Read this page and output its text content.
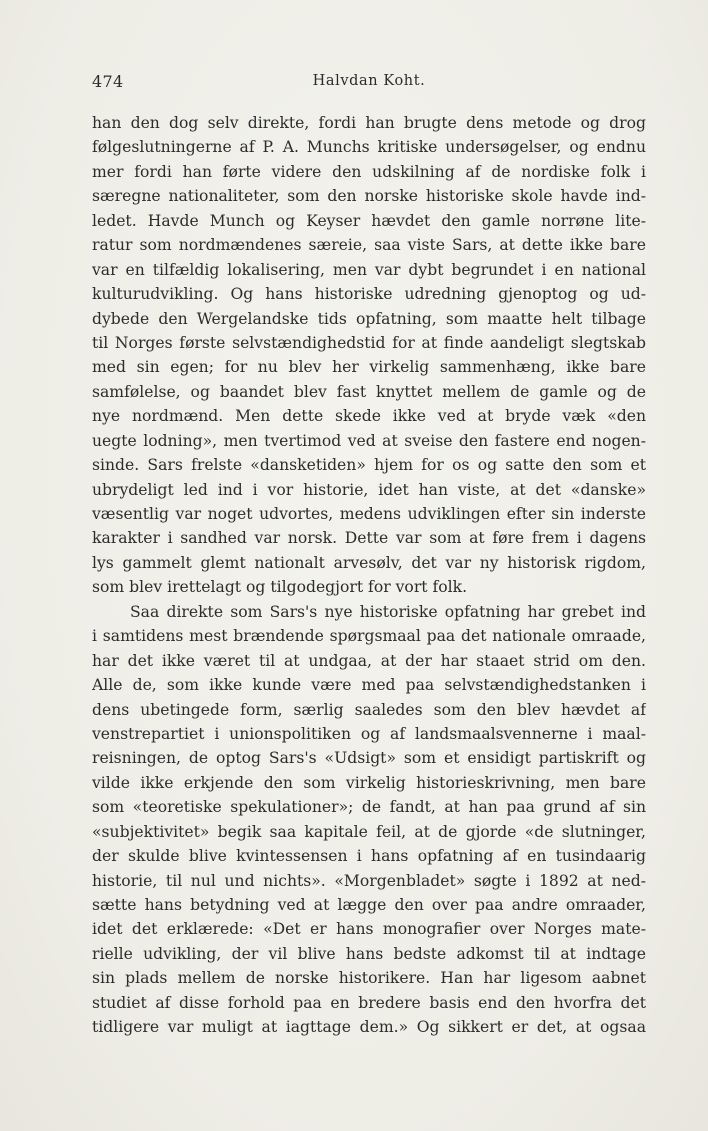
474	Halvdan Koht.
han den dog selv direkte, fordi han brugte dens metode og drog
følgeslutningerne af P. A. Munchs kritiske undersøgelser, og endnu
mer fordi han førte videre den udskilning af de nordiske folk i
særegne nationaliteter, som den norske historiske skole havde ind-
ledet. Havde Munch og Keyser hævdet den gamle norrøne lite-
ratur som nordmændenes særeie, saa viste Sars, at dette ikke bare
var en tilfældig lokalisering, men var dybt begrundet i en national
kulturudvikling. Og hans historiske udredning gjenoptog og ud-
dybede den Wergelandske tids opfatning, som maatte helt tilbage
til Norges første selvstændighedstid for at finde aandeligt slegtskab
med sin egen; for nu blev her virkelig sammenhæng, ikke bare
samfølelse, og baandet blev fast knyttet mellem de gamle og de
nye nordmænd. Men dette skede ikke ved at bryde væk «den
uegte lodning», men tvertimod ved at sveise den fastere end nogen-
sinde. Sars frelste «dansketiden» hjem for os og satte den som et
ubrydeligt led ind i vor historie, idet han viste, at det «danske»
væsentlig var noget udvortes, medens udviklingen efter sin inderste
karakter i sandhed var norsk. Dette var som at føre frem i dagens
lys gammelt glemt nationalt arvesølv, det var ny historisk rigdom,
som blev irettelagt og tilgodegjort for vort folk.
Saa direkte som Sars's nye historiske opfatning har grebet ind
i samtidens mest brændende spørgsmaal paa det nationale omraade,
har det ikke været til at undgaa, at der har staaet strid om den.
Alle de, som ikke kunde være med paa selvstændighedstanken i
dens ubetingede form, særlig saaledes som den blev hævdet af
venstrepartiet i unionspolitiken og af landsmaalsvennerne i maal-
reisningen, de optog Sars's «Udsigt» som et ensidigt partiskrift og
vilde ikke erkjende den som virkelig historieskrivning, men bare
som «teoretiske spekulationer»; de fandt, at han paa grund af sin
«subjektivitet» begik saa kapitale feil, at de gjorde «de slutninger,
der skulde blive kvintessensen i hans opfatning af en tusindaarig
historie, til nul und nichts». «Morgenbladet» søgte i 1892 at ned-
sætte hans betydning ved at lægge den over paa andre omraader,
idet det erklærede: «Det er hans monografier over Norges mate-
rielle udvikling, der vil blive hans bedste adkomst til at indtage
sin plads mellem de norske historikere. Han har ligesom aabnet
studiet af disse forhold paa en bredere basis end den hvorfra det
tidligere var muligt at iagttage dem.» Og sikkert er det, at ogsaa
